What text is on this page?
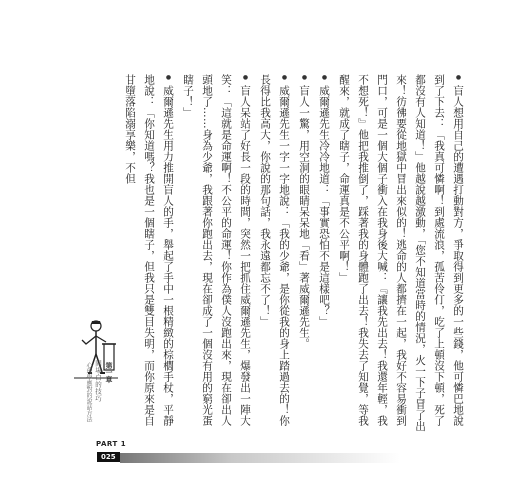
● 盲人想用自己的遭遇打動對方，爭取得到更多的一些錢，他可憐巴地說到了下去：「我真可憐啊！到處流浪，孤苦伶仃，吃了上頓沒下頓，死了都沒有人知道！」他越說越激動，「您不知道當時的情況，火一下子冒了出來！彷彿要從地獄中冒出來似的！逃命的人都擠在一起，我好不容易衝到門口，可是一個大個子衝入在我身後大喊：『讓我先出去！我還年輕，我不想死！』他把我推倒了，踩著我的身體跑了出去！我失去了知覺，等我醒來，就成了瞎子，命運真是不公平啊！」

● 威爾遜先生冷冷地道：「事實恐怕不是這樣吧？」

● 盲人一驚，用空洞的眼睛呆呆地「看」著威爾遜先生。

● 威爾遜先生一字一字地說：「我的少爺，是你從我的身上踏過去的！你長得比我高大，你說的那句話，我永遠都忘不了！」

● 盲人呆站了好長一段的時間，突然一把抓住威爾遜先生，爆發出一陣大笑：「這就是命運啊！不公平的命運！你作為僕人沒跑出來，現在卻出人頭地了……身為少爺，我跟著你跑出去，現在卻成了一個沒有用的窮光蛋瞎子！」

● 威爾遜先生用力推開盲人的手，舉起了手中一根精緻的棕櫚手杖，平靜地說：「你知道嗎？我也是一個瞎子，但我只是雙目失明，而你原來是自甘墮落陷溺享樂，不但

第一章
開場白的技巧
心理學應對的說話方法
PART 1
025
